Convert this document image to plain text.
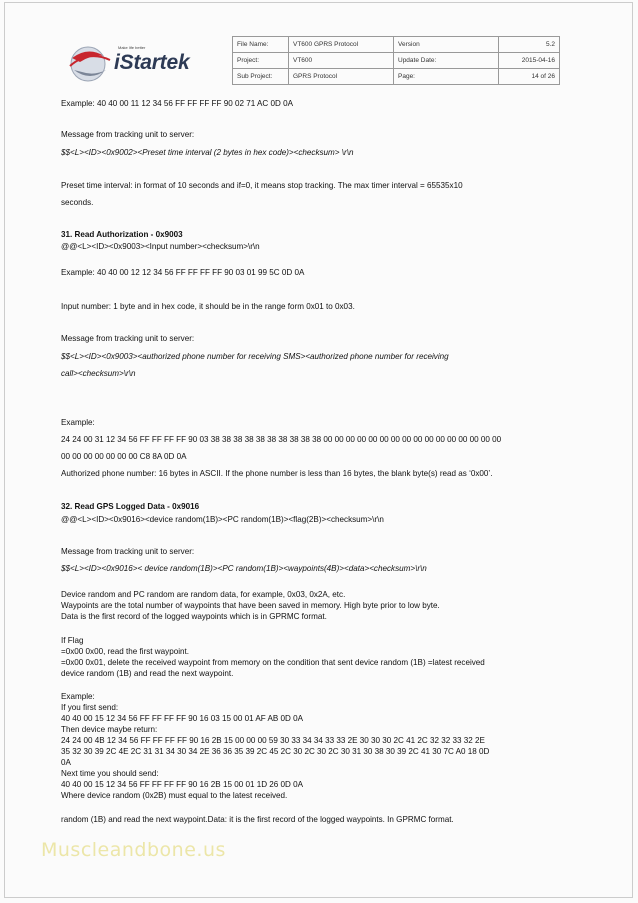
Make life better
iStartek
File Name:	VT600 GPRS Protocol	Version	5.2
Project:	VT600	Update Date:	2015-04-16
Sub Project:	GPRS Protocol	Page:	14 of 26
Example: 40 40 00 11 12 34 56 FF FF FF FF 90 02 71 AC 0D 0A
Message from tracking unit to server:
$$<L><ID><0x9002><Preset time interval (2 bytes in hex code)><checksum> \r\n
Preset time interval: in format of 10 seconds and if=0, it means stop tracking. The max timer interval = 65535x10
seconds.
31. Read Authorization - 0x9003
@@<L><ID><0x9003><Input number><checksum>\r\n
Example: 40 40 00 12 12 34 56 FF FF FF FF 90 03 01 99 5C 0D 0A
Input number: 1 byte and in hex code, it should be in the range form 0x01 to 0x03.
Message from tracking unit to server:
$$<L><ID><0x9003><authorized phone number for receiving SMS><authorized phone number for receiving
call><checksum>\r\n
Example:
24 24 00 31 12 34 56 FF FF FF FF 90 03 38 38 38 38 38 38 38 38 38 38 00 00 00 00 00 00 00 00 00 00 00 00 00 00 00 00
00 00 00 00 00 00 00 C8 8A 0D 0A
Authorized phone number: 16 bytes in ASCII. If the phone number is less than 16 bytes, the blank byte(s) read as ‘0x00’.
32. Read GPS Logged Data - 0x9016
@@<L><ID><0x9016><device random(1B)><PC random(1B)><flag(2B)><checksum>\r\n
Message from tracking unit to server:
$$<L><ID><0x9016>< device random(1B)><PC random(1B)><waypoints(4B)><data><checksum>\r\n
Device random and PC random are random data, for example, 0x03, 0x2A, etc.
Waypoints are the total number of waypoints that have been saved in memory. High byte prior to low byte.
Data is the first record of the logged waypoints which is in GPRMC format.
If Flag
=0x00 0x00, read the first waypoint.
=0x00 0x01, delete the received waypoint from memory on the condition that sent device random (1B) =latest received
device random (1B) and read the next waypoint.
Example:
If you first send:
40 40 00 15 12 34 56 FF FF FF FF 90 16 03 15 00 01 AF AB 0D 0A
Then device maybe return:
24 24 00 4B 12 34 56 FF FF FF FF 90 16 2B 15 00 00 00 59 30 33 34 34 33 33 2E 30 30 30 2C 41 2C 32 32 33 32 2E
35 32 30 39 2C 4E 2C 31 31 34 30 34 2E 36 36 35 39 2C 45 2C 30 2C 30 2C 30 31 30 38 30 39 2C 41 30 7C A0 18 0D
0A
Next time you should send:
40 40 00 15 12 34 56 FF FF FF FF 90 16 2B 15 00 01 1D 26 0D 0A
Where device random (0x2B) must equal to the latest received.
random (1B) and read the next waypoint.Data: it is the first record of the logged waypoints. In GPRMC format.
Muscleandbone.us
